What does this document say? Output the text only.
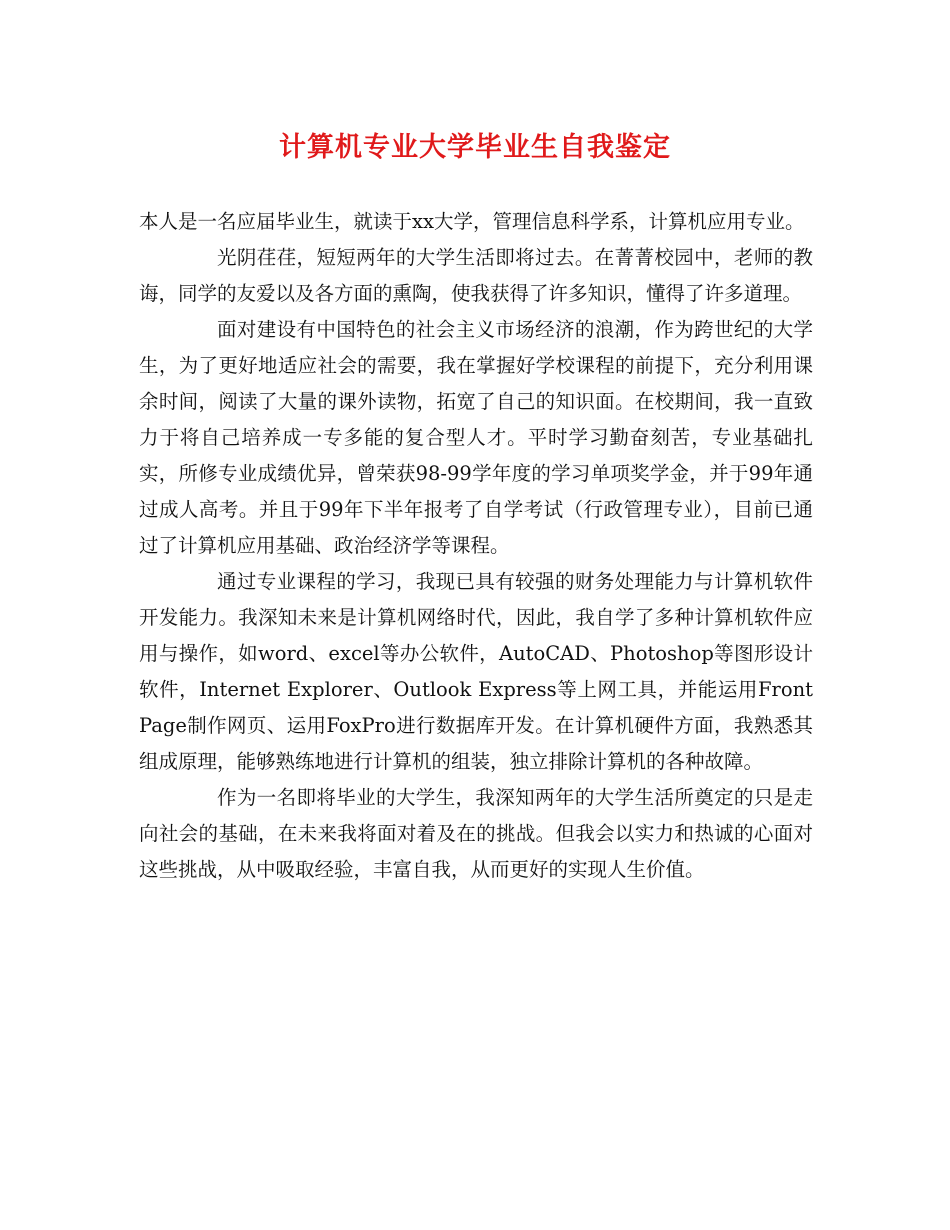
计算机专业大学毕业生自我鉴定

本人是一名应届毕业生，就读于xx大学，管理信息科学系，计算机应用专业。

光阴荏荏，短短两年的大学生活即将过去。在菁菁校园中，老师的教诲，同学的友爱以及各方面的熏陶，使我获得了许多知识，懂得了许多道理。

面对建设有中国特色的社会主义市场经济的浪潮，作为跨世纪的大学生，为了更好地适应社会的需要，我在掌握好学校课程的前提下，充分利用课余时间，阅读了大量的课外读物，拓宽了自己的知识面。在校期间，我一直致力于将自己培养成一专多能的复合型人才。平时学习勤奋刻苦，专业基础扎实，所修专业成绩优异，曾荣获98-99学年度的学习单项奖学金，并于99年通过成人高考。并且于99年下半年报考了自学考试（行政管理专业），目前已通过了计算机应用基础、政治经济学等课程。

通过专业课程的学习，我现已具有较强的财务处理能力与计算机软件开发能力。我深知未来是计算机网络时代，因此，我自学了多种计算机软件应用与操作，如word、excel等办公软件，AutoCAD、Photoshop等图形设计软件，Internet Explorer、Outlook Express等上网工具，并能运用FrontPage制作网页、运用FoxPro进行数据库开发。在计算机硬件方面，我熟悉其组成原理，能够熟练地进行计算机的组装，独立排除计算机的各种故障。

作为一名即将毕业的大学生，我深知两年的大学生活所奠定的只是走向社会的基础，在未来我将面对着及在的挑战。但我会以实力和热诚的心面对这些挑战，从中吸取经验，丰富自我，从而更好的实现人生价值。
